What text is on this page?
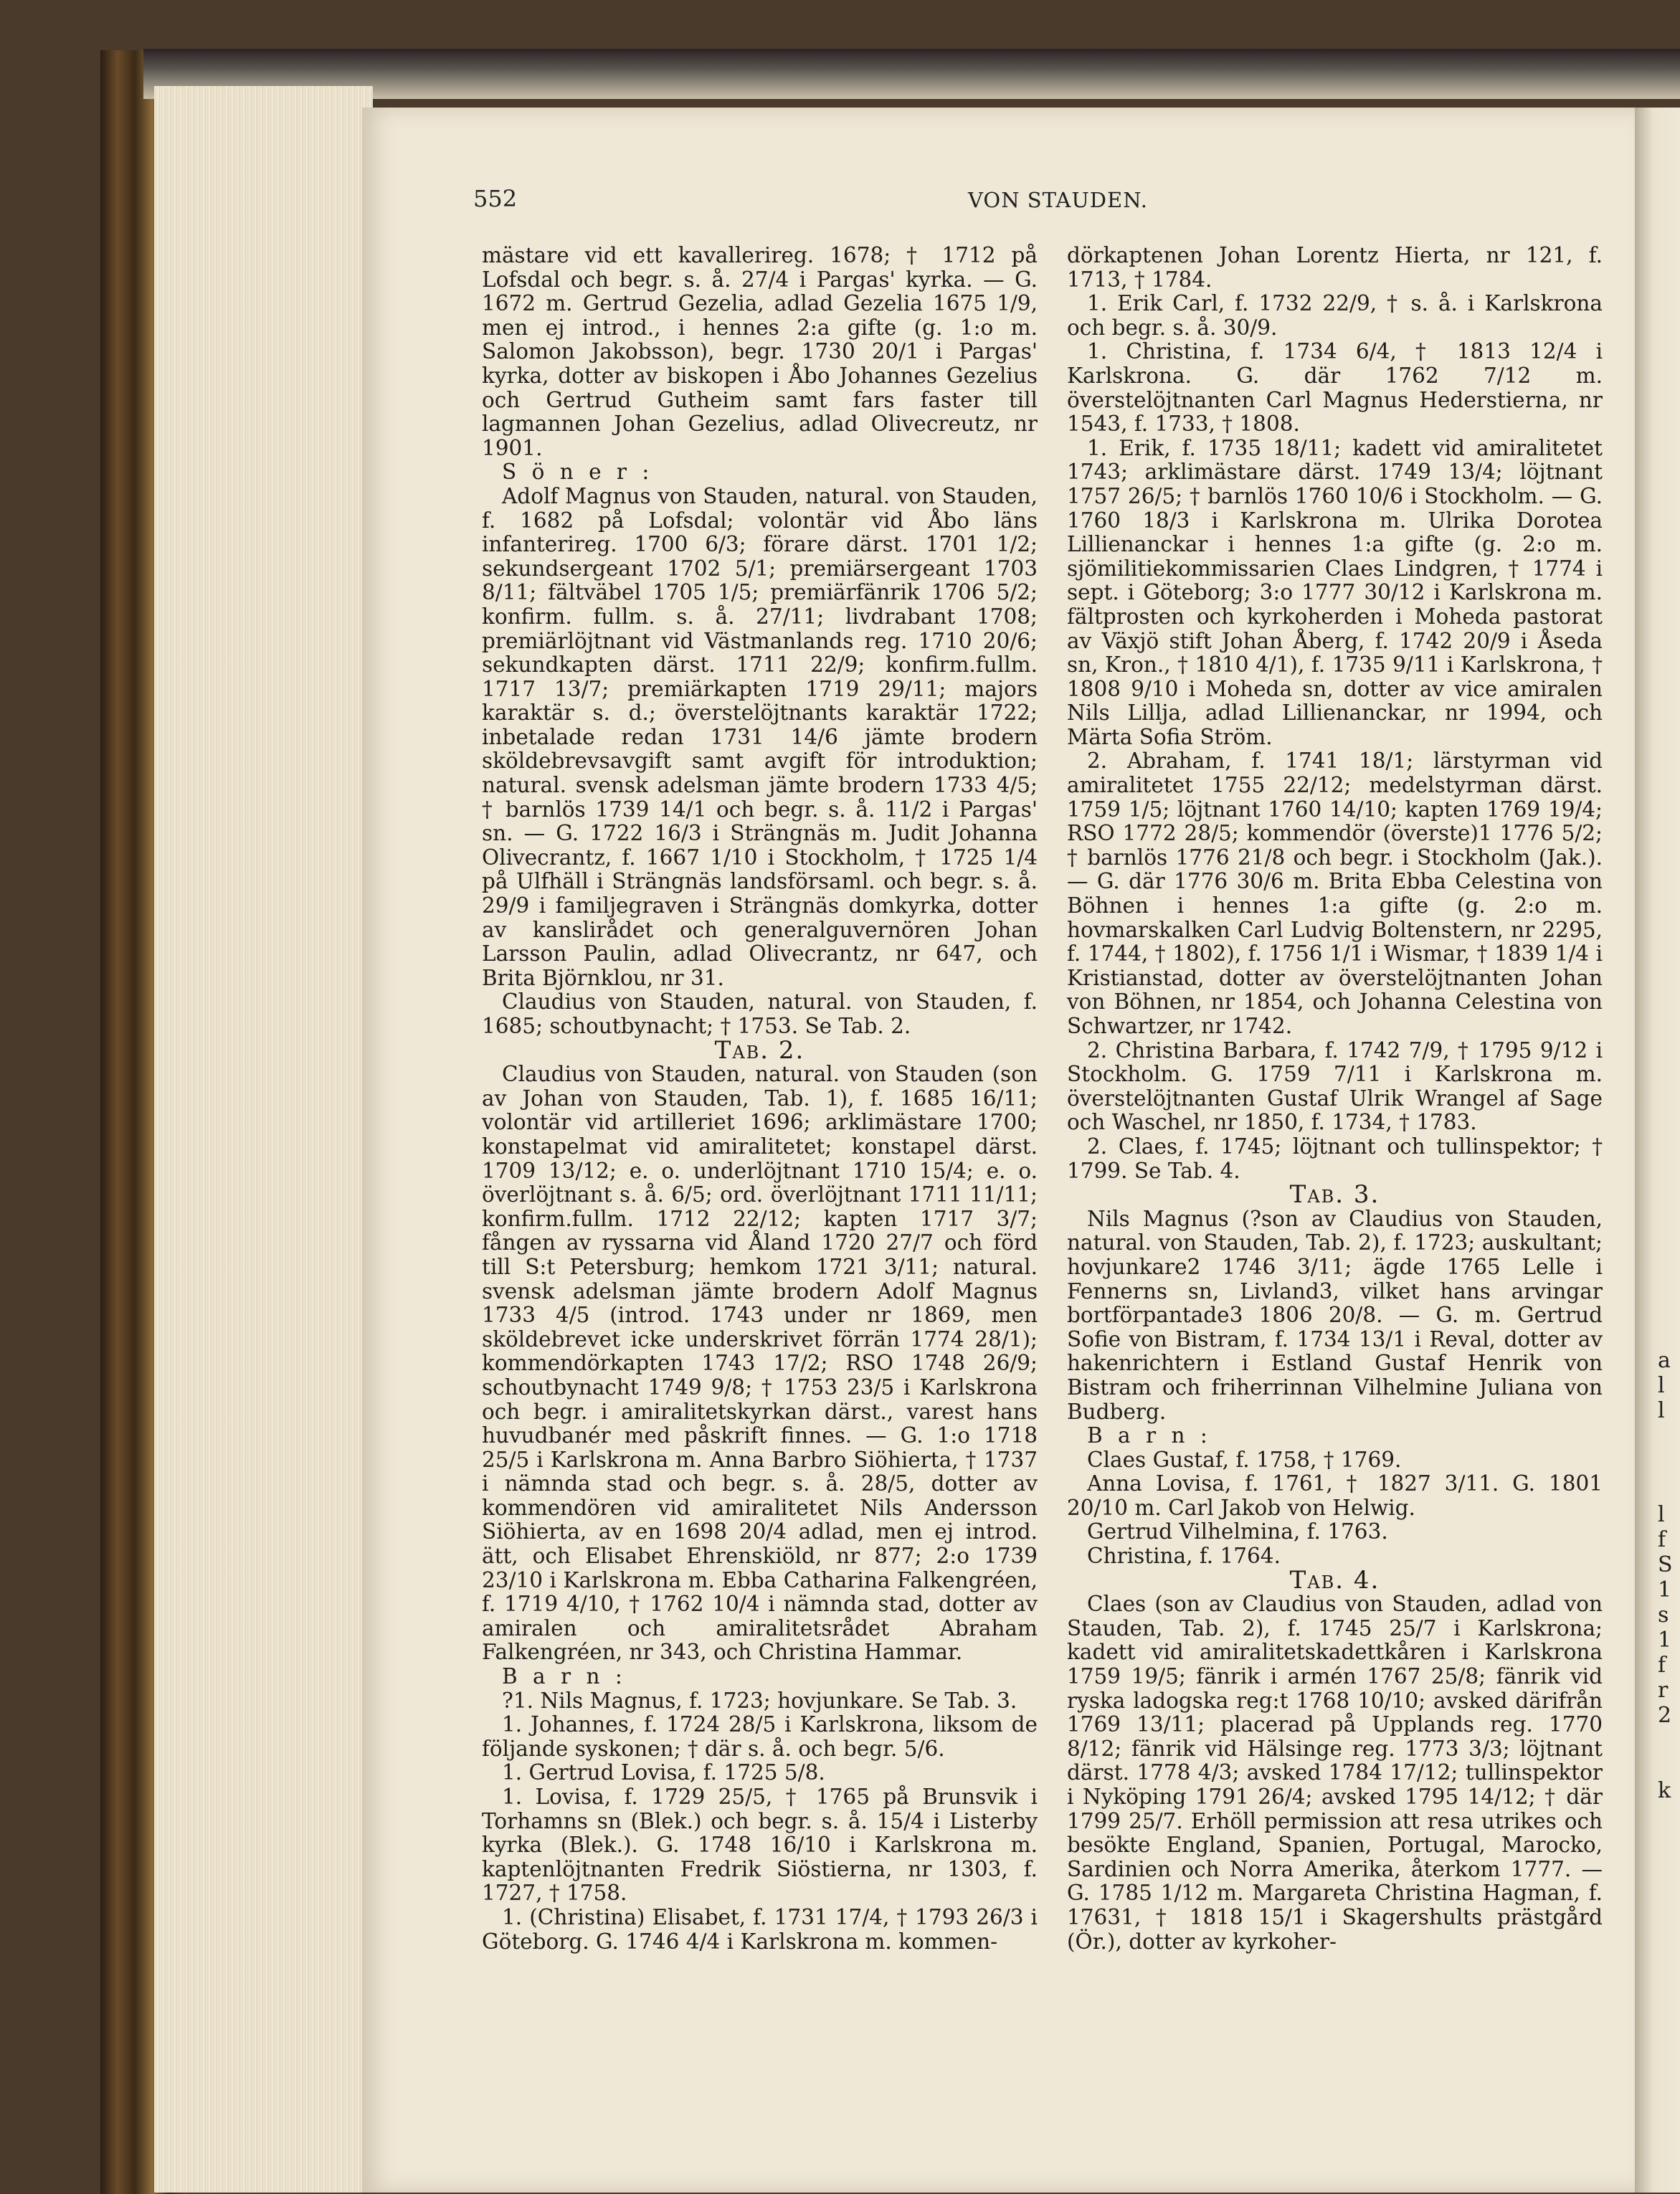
a
l
l
l
f
S
1
s
1
f
r
2
k
552	VON STAUDEN.

mästare vid ett kavallerireg. 1678; † 1712 på Lofsdal och begr. s. å. 27/4 i Pargas' kyrka. — G. 1672 m. Gertrud Gezelia, adlad Gezelia 1675 1/9, men ej introd., i hennes 2:a gifte (g. 1:o m. Salomon Jakobsson), begr. 1730 20/1 i Pargas' kyrka, dotter av biskopen i Åbo Johannes Gezelius och Gertrud Gutheim samt fars faster till lagmannen Johan Gezelius, adlad Olivecreutz, nr 1901.

S ö n e r :

Adolf Magnus von Stauden, natural. von Stauden, f. 1682 på Lofsdal; volontär vid Åbo läns infanterireg. 1700 6/3; förare därst. 1701 1/2; sekundsergeant 1702 5/1; premiärsergeant 1703 8/11; fältväbel 1705 1/5; premiärfänrik 1706 5/2; konfirm. fullm. s. å. 27/11; livdrabant 1708; premiärlöjtnant vid Västmanlands reg. 1710 20/6; sekundkapten därst. 1711 22/9; konfirm.fullm. 1717 13/7; premiärkapten 1719 29/11; majors karaktär s. d.; överstelöjtnants karaktär 1722; inbetalade redan 1731 14/6 jämte brodern sköldebrevsavgift samt avgift för introduktion; natural. svensk adelsman jämte brodern 1733 4/5; † barnlös 1739 14/1 och begr. s. å. 11/2 i Pargas' sn. — G. 1722 16/3 i Strängnäs m. Judit Johanna Olivecrantz, f. 1667 1/10 i Stockholm, † 1725 1/4 på Ulfhäll i Strängnäs landsförsaml. och begr. s. å. 29/9 i familjegraven i Strängnäs domkyrka, dotter av kanslirådet och generalguvernören Johan Larsson Paulin, adlad Olivecrantz, nr 647, och Brita Björnklou, nr 31.

Claudius von Stauden, natural. von Stauden, f. 1685; schoutbynacht; † 1753. Se Tab. 2.

Tab. 2.

Claudius von Stauden, natural. von Stauden (son av Johan von Stauden, Tab. 1), f. 1685 16/11; volontär vid artilleriet 1696; arklimästare 1700; konstapelmat vid amiralitetet; konstapel därst. 1709 13/12; e. o. underlöjtnant 1710 15/4; e. o. överlöjtnant s. å. 6/5; ord. överlöjtnant 1711 11/11; konfirm.fullm. 1712 22/12; kapten 1717 3/7; fången av ryssarna vid Åland 1720 27/7 och förd till S:t Petersburg; hemkom 1721 3/11; natural. svensk adelsman jämte brodern Adolf Magnus 1733 4/5 (introd. 1743 under nr 1869, men sköldebrevet icke underskrivet förrän 1774 28/1); kommendörkapten 1743 17/2; RSO 1748 26/9; schoutbynacht 1749 9/8; † 1753 23/5 i Karlskrona och begr. i amiralitetskyrkan därst., varest hans huvudbanér med påskrift finnes. — G. 1:o 1718 25/5 i Karlskrona m. Anna Barbro Siöhierta, † 1737 i nämnda stad och begr. s. å. 28/5, dotter av kommendören vid amiralitetet Nils Andersson Siöhierta, av en 1698 20/4 adlad, men ej introd. ätt, och Elisabet Ehrenskiöld, nr 877; 2:o 1739 23/10 i Karlskrona m. Ebba Catharina Falkengréen, f. 1719 4/10, † 1762 10/4 i nämnda stad, dotter av amiralen och amiralitetsrådet Abraham Falkengréen, nr 343, och Christina Hammar.

B a r n :

?1. Nils Magnus, f. 1723; hovjunkare. Se Tab. 3.

1. Johannes, f. 1724 28/5 i Karlskrona, liksom de följande syskonen; † där s. å. och begr. 5/6.

1. Gertrud Lovisa, f. 1725 5/8.

1. Lovisa, f. 1729 25/5, † 1765 på Brunsvik i Torhamns sn (Blek.) och begr. s. å. 15/4 i Listerby kyrka (Blek.). G. 1748 16/10 i Karlskrona m. kaptenlöjtnanten Fredrik Siöstierna, nr 1303, f. 1727, † 1758.

1. (Christina) Elisabet, f. 1731 17/4, † 1793 26/3 i Göteborg. G. 1746 4/4 i Karlskrona m. kommen-

dörkaptenen Johan Lorentz Hierta, nr 121, f. 1713, † 1784.

1. Erik Carl, f. 1732 22/9, † s. å. i Karlskrona och begr. s. å. 30/9.

1. Christina, f. 1734 6/4, † 1813 12/4 i Karlskrona. G. där 1762 7/12 m. överstelöjtnanten Carl Magnus Hederstierna, nr 1543, f. 1733, † 1808.

1. Erik, f. 1735 18/11; kadett vid amiralitetet 1743; arklimästare därst. 1749 13/4; löjtnant 1757 26/5; † barnlös 1760 10/6 i Stockholm. — G. 1760 18/3 i Karlskrona m. Ulrika Dorotea Lillienanckar i hennes 1:a gifte (g. 2:o m. sjömilitiekommissarien Claes Lindgren, † 1774 i sept. i Göteborg; 3:o 1777 30/12 i Karlskrona m. fältprosten och kyrkoherden i Moheda pastorat av Växjö stift Johan Åberg, f. 1742 20/9 i Åseda sn, Kron., † 1810 4/1), f. 1735 9/11 i Karlskrona, † 1808 9/10 i Moheda sn, dotter av vice amiralen Nils Lillja, adlad Lillienanckar, nr 1994, och Märta Sofia Ström.

2. Abraham, f. 1741 18/1; lärstyrman vid amiralitetet 1755 22/12; medelstyrman därst. 1759 1/5; löjtnant 1760 14/10; kapten 1769 19/4; RSO 1772 28/5; kommendör (överste)1 1776 5/2; † barnlös 1776 21/8 och begr. i Stockholm (Jak.). — G. där 1776 30/6 m. Brita Ebba Celestina von Böhnen i hennes 1:a gifte (g. 2:o m. hovmarskalken Carl Ludvig Boltenstern, nr 2295, f. 1744, † 1802), f. 1756 1/1 i Wismar, † 1839 1/4 i Kristianstad, dotter av överstelöjtnanten Johan von Böhnen, nr 1854, och Johanna Celestina von Schwartzer, nr 1742.

2. Christina Barbara, f. 1742 7/9, † 1795 9/12 i Stockholm. G. 1759 7/11 i Karlskrona m. överstelöjtnanten Gustaf Ulrik Wrangel af Sage och Waschel, nr 1850, f. 1734, † 1783.

2. Claes, f. 1745; löjtnant och tullinspektor; † 1799. Se Tab. 4.

Tab. 3.

Nils Magnus (?son av Claudius von Stauden, natural. von Stauden, Tab. 2), f. 1723; auskultant; hovjunkare2 1746 3/11; ägde 1765 Lelle i Fennerns sn, Livland3, vilket hans arvingar bortförpantade3 1806 20/8. — G. m. Gertrud Sofie von Bistram, f. 1734 13/1 i Reval, dotter av hakenrichtern i Estland Gustaf Henrik von Bistram och friherrinnan Vilhelmine Juliana von Budberg.

B a r n :

Claes Gustaf, f. 1758, † 1769.

Anna Lovisa, f. 1761, † 1827 3/11. G. 1801 20/10 m. Carl Jakob von Helwig.

Gertrud Vilhelmina, f. 1763.

Christina, f. 1764.

Tab. 4.

Claes (son av Claudius von Stauden, adlad von Stauden, Tab. 2), f. 1745 25/7 i Karlskrona; kadett vid amiralitetskadettkåren i Karlskrona 1759 19/5; fänrik i armén 1767 25/8; fänrik vid ryska ladogska reg:t 1768 10/10; avsked därifrån 1769 13/11; placerad på Upplands reg. 1770 8/12; fänrik vid Hälsinge reg. 1773 3/3; löjtnant därst. 1778 4/3; avsked 1784 17/12; tullinspektor i Nyköping 1791 26/4; avsked 1795 14/12; † där 1799 25/7. Erhöll permission att resa utrikes och besökte England, Spanien, Portugal, Marocko, Sardinien och Norra Amerika, återkom 1777. — G. 1785 1/12 m. Margareta Christina Hagman, f. 17631, † 1818 15/1 i Skagershults prästgård (Ör.), dotter av kyrkoher-
